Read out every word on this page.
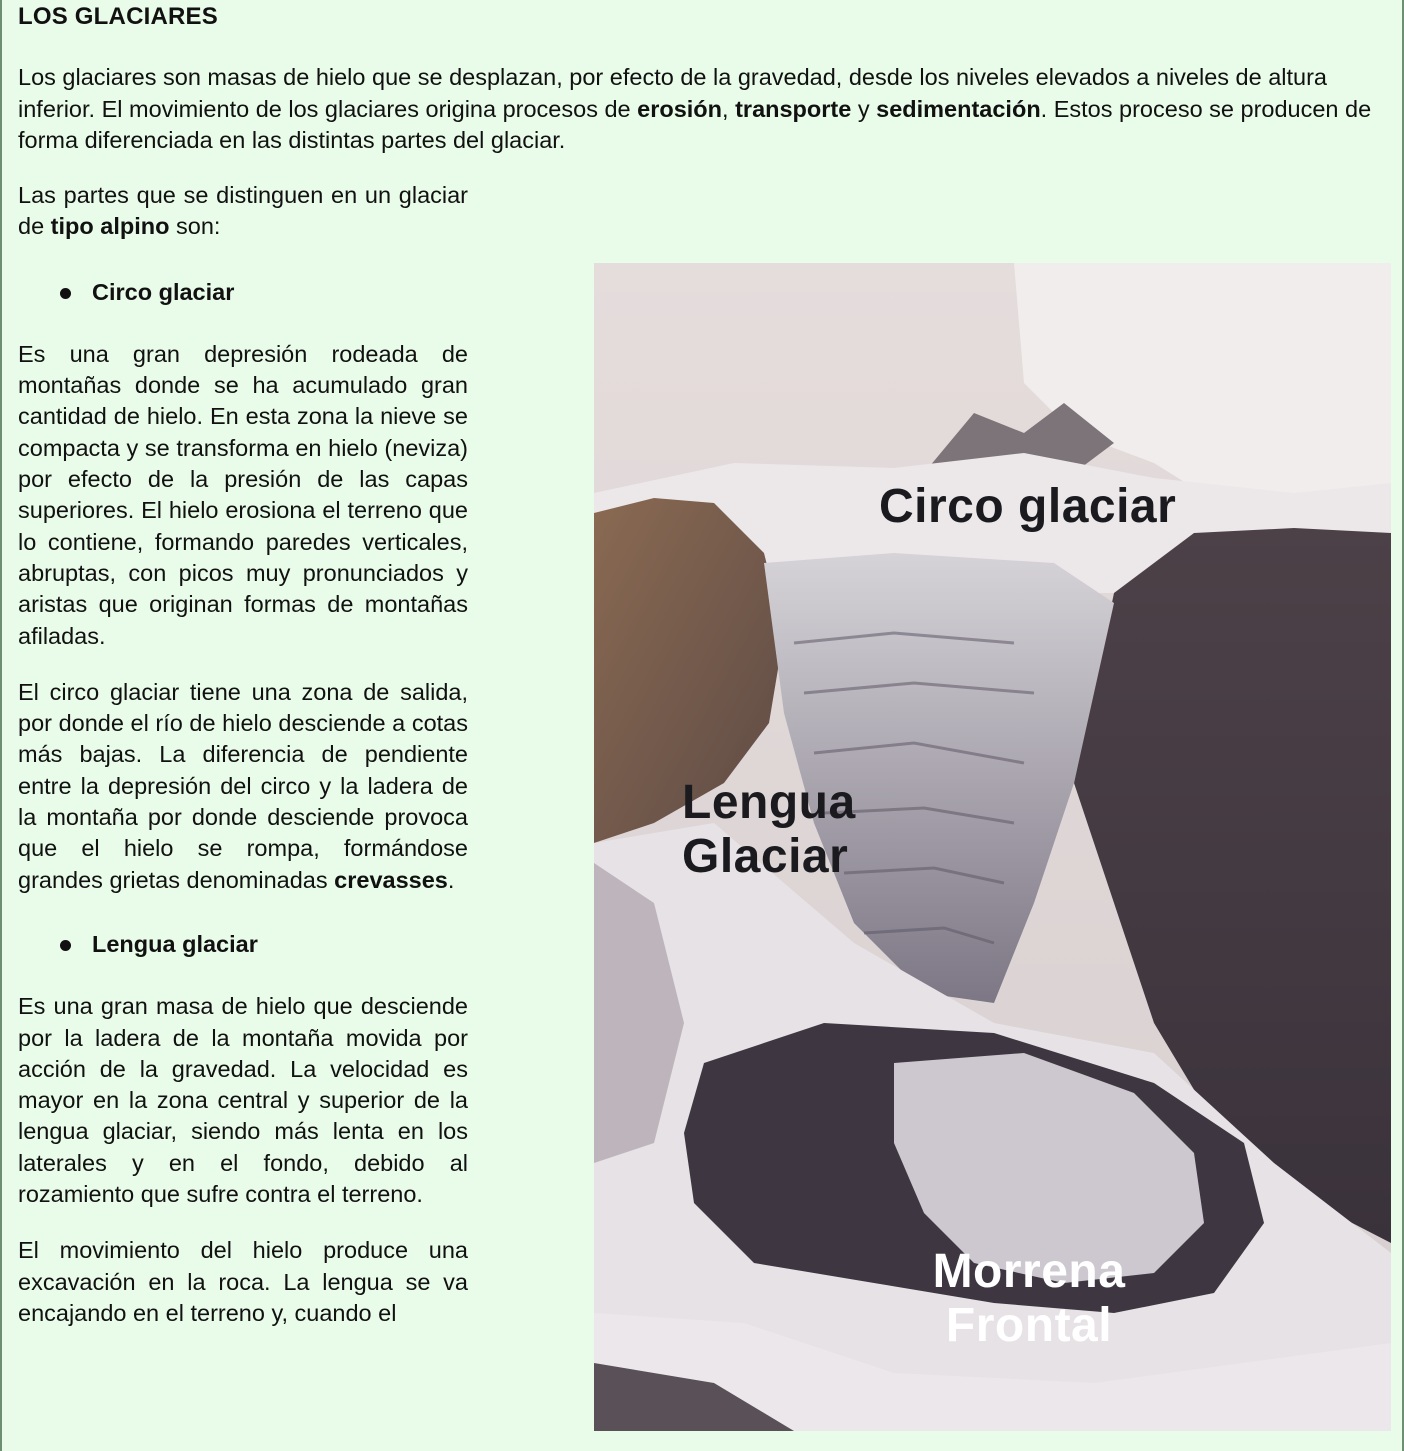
LOS GLACIARES

Los glaciares son masas de hielo que se desplazan, por efecto de la gravedad, desde los niveles elevados a niveles de altura inferior. El movimiento de los glaciares origina procesos de erosión, transporte y sedimentación. Estos proceso se producen de forma diferenciada en las distintas partes del glaciar.

Las partes que se distinguen en un glaciar de tipo alpino son:

Circo glaciar

Es una gran depresión rodeada de montañas donde se ha acumulado gran cantidad de hielo. En esta zona la nieve se compacta y se transforma en hielo (neviza) por efecto de la presión de las capas superiores. El hielo erosiona el terreno que lo contiene, formando paredes verticales, abruptas, con picos muy pronunciados y aristas que originan formas de montañas afiladas.

El circo glaciar tiene una zona de salida, por donde el río de hielo desciende a cotas más bajas. La diferencia de pendiente entre la depresión del circo y la ladera de la montaña por donde desciende provoca que el hielo se rompa, formándose grandes grietas denominadas crevasses.

Lengua glaciar

Es una gran masa de hielo que desciende por la ladera de la montaña movida por acción de la gravedad. La velocidad es mayor en la zona central y superior de la lengua glaciar, siendo más lenta en los laterales y en el fondo, debido al rozamiento que sufre contra el terreno.

El movimiento del hielo produce una excavación en la roca. La lengua se va encajando en el terreno y, cuando el

Circo glaciar
Lengua
Glaciar
Morrena
Frontal
